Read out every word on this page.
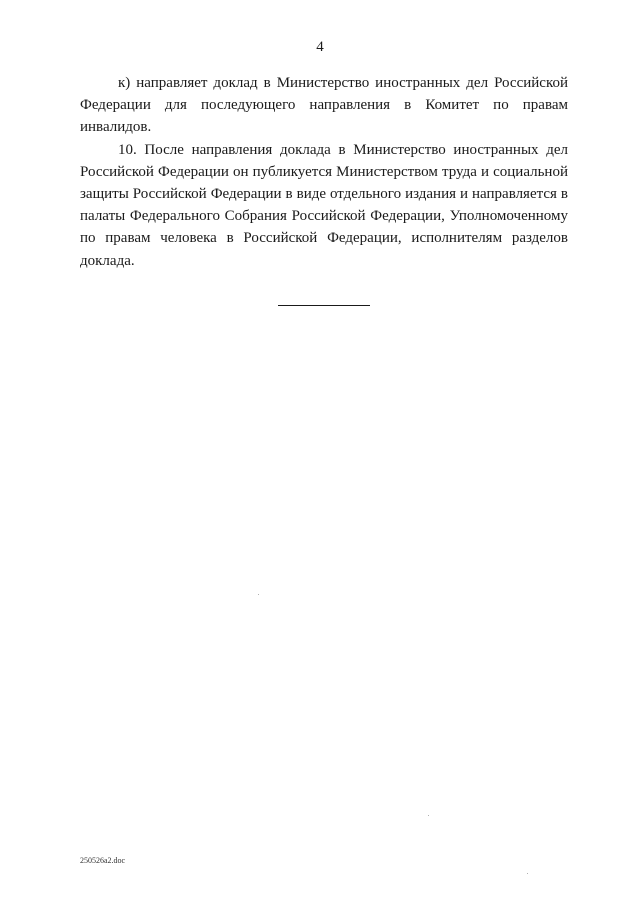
4

к) направляет доклад в Министерство иностранных дел Российской Федерации для последующего направления в Комитет по правам инвалидов.

10. После направления доклада в Министерство иностранных дел Российской Федерации он публикуется Министерством труда и социальной защиты Российской Федерации в виде отдельного издания и направляется в палаты Федерального Собрания Российской Федерации, Уполномоченному по правам человека в Российской Федерации, исполнителям разделов доклада.

250526a2.doc
